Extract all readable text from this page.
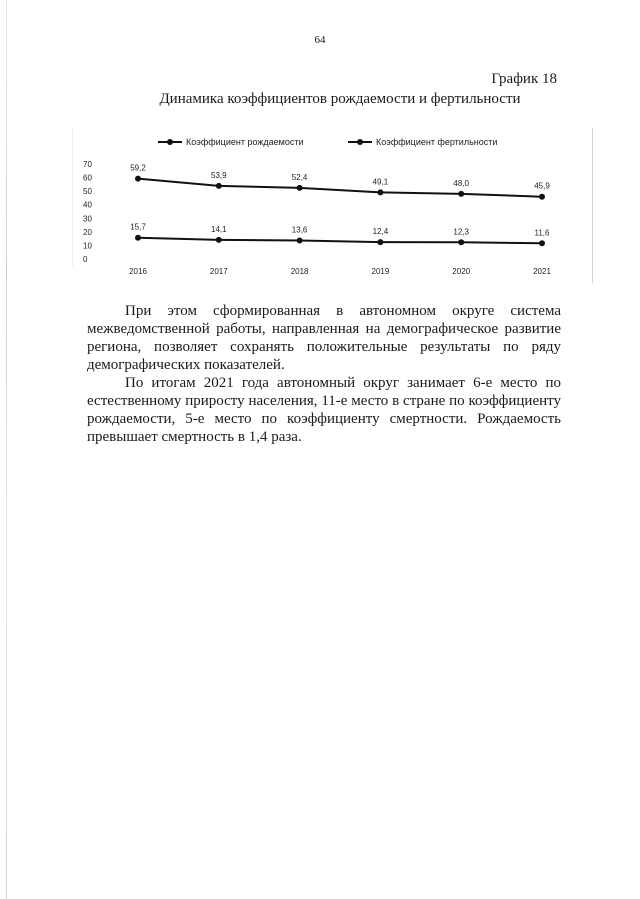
64
График 18
Динамика коэффициентов рождаемости и фертильности
0
10
20
30
40
50
60
70
2016	2017	2018	2019	2020	2021
Коэффициент рождаемости	Коэффициент фертильности
15,7	14,1	13,6	12,4	12,3	11,6
59,2
53,9	52,4	49,1	48,0	45,9

При этом сформированная в автономном округе система межведомственной работы, направленная на демографическое развитие региона, позволяет сохранять положительные результаты по ряду демографических показателей.

По итогам 2021 года автономный округ занимает 6-е место по естественному приросту населения, 11-е место в стране по коэффициенту рождаемости, 5-е место по коэффициенту смертности. Рождаемость превышает смертность в 1,4 раза.
